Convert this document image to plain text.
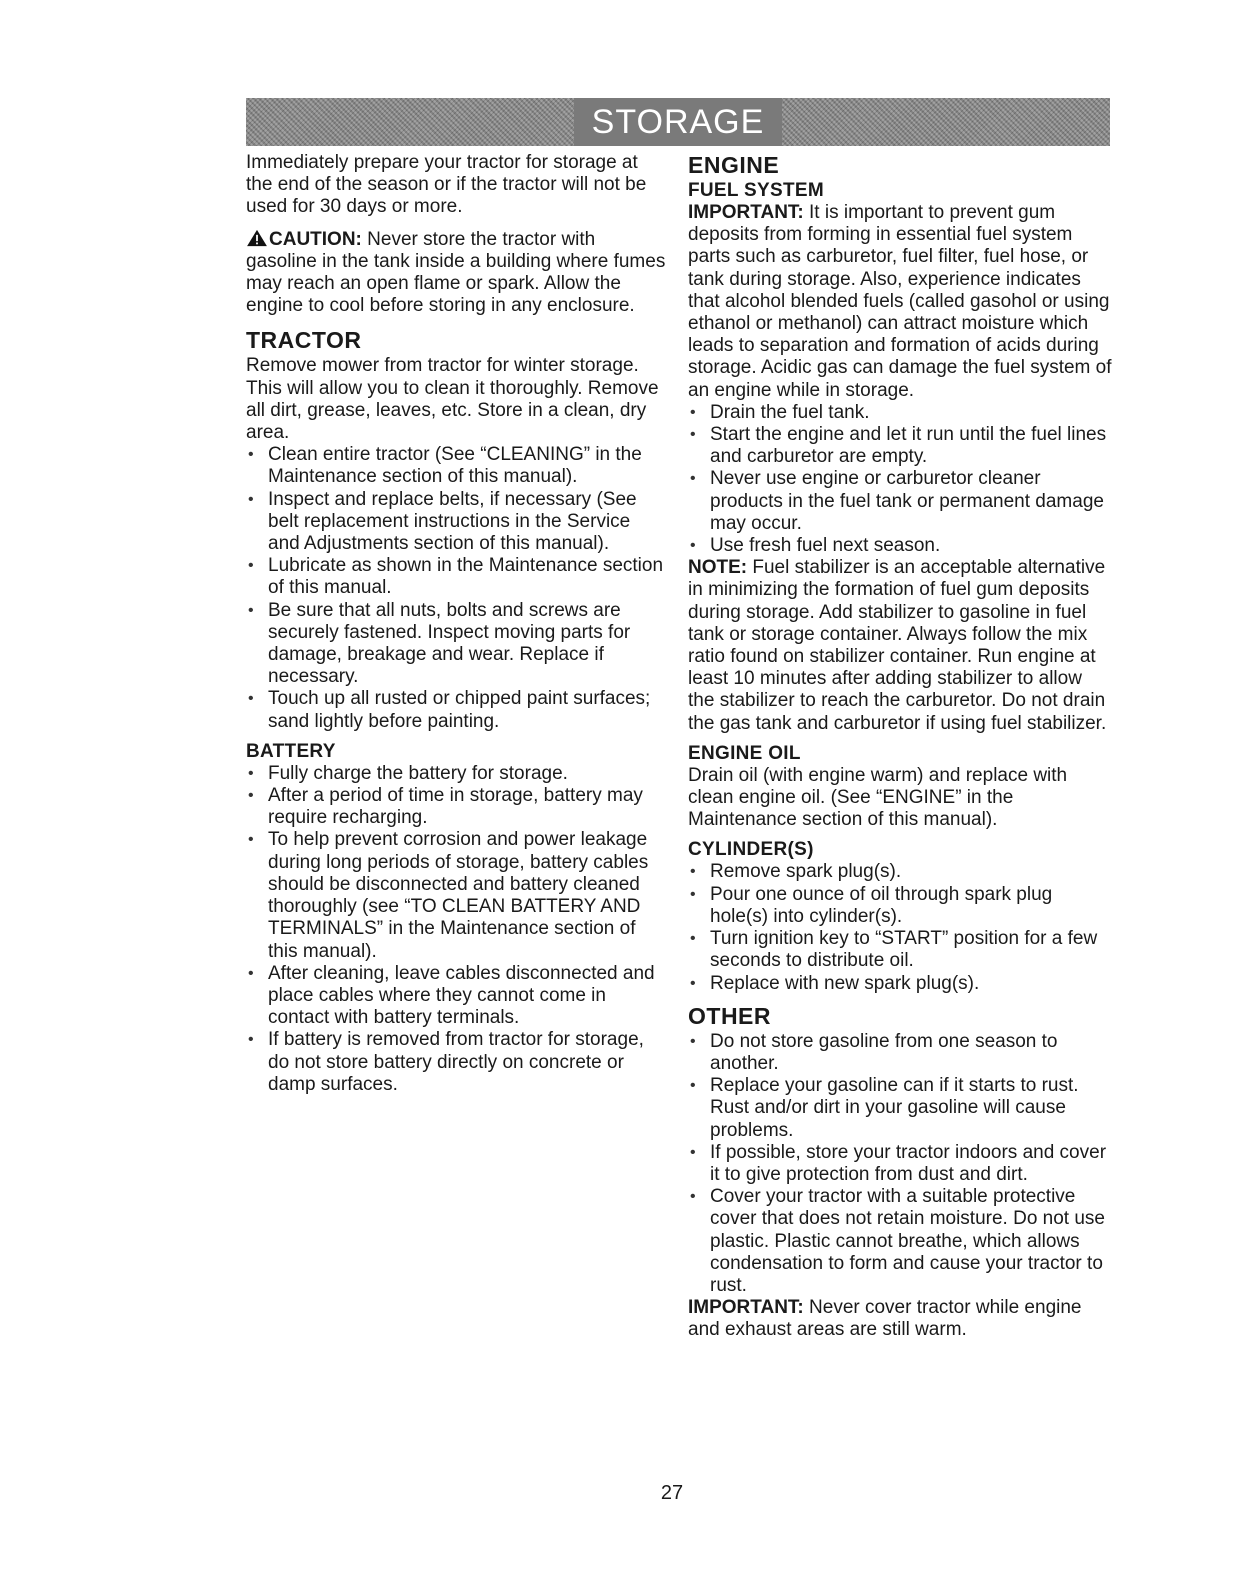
STORAGE

Immediately prepare your tractor for storage at the end of the season or if the tractor will not be used for 30 days or more.

CAUTION: Never store the tractor with gasoline in the tank inside a building where fumes may reach an open flame or spark. Allow the engine to cool before storing in any enclosure.

TRACTOR

Remove mower from tractor for winter storage. This will allow you to clean it thoroughly. Remove all dirt, grease, leaves, etc. Store in a clean, dry area.

• Clean entire tractor (See “CLEANING” in the Maintenance section of this manual).
• Inspect and replace belts, if necessary (See belt replacement instructions in the Service and Adjustments section of this manual).
• Lubricate as shown in the Maintenance section of this manual.
• Be sure that all nuts, bolts and screws are securely fastened. Inspect moving parts for damage, breakage and wear. Replace if necessary.
• Touch up all rusted or chipped paint surfaces; sand lightly before painting.
BATTERY
• Fully charge the battery for storage.
• After a period of time in storage, battery may require recharging.
• To help prevent corrosion and power leakage during long periods of storage, battery cables should be disconnected and battery cleaned thoroughly (see “TO CLEAN BATTERY AND TERMINALS” in the Maintenance section of this manual).
• After cleaning, leave cables disconnected and place cables where they cannot come in contact with battery terminals.
• If battery is removed from tractor for storage, do not store battery directly on concrete or damp surfaces.
ENGINE
FUEL SYSTEM

IMPORTANT: It is important to prevent gum deposits from forming in essential fuel system parts such as carburetor, fuel filter, fuel hose, or tank during storage. Also, experience indicates that alcohol blended fuels (called gasohol or using ethanol or methanol) can attract moisture which leads to separation and formation of acids during storage. Acidic gas can damage the fuel system of an engine while in storage.

• Drain the fuel tank.
• Start the engine and let it run until the fuel lines and carburetor are empty.
• Never use engine or carburetor cleaner products in the fuel tank or permanent damage may occur.
• Use fresh fuel next season.

NOTE: Fuel stabilizer is an acceptable alternative in minimizing the formation of fuel gum deposits during storage. Add stabilizer to gasoline in fuel tank or storage container. Always follow the mix ratio found on stabilizer container. Run engine at least 10 minutes after adding stabilizer to allow the stabilizer to reach the carburetor. Do not drain the gas tank and carburetor if using fuel stabilizer.

ENGINE OIL

Drain oil (with engine warm) and replace with clean engine oil. (See “ENGINE” in the Maintenance section of this manual).

CYLINDER(S)
• Remove spark plug(s).
• Pour one ounce of oil through spark plug hole(s) into cylinder(s).
• Turn ignition key to “START” position for a few seconds to distribute oil.
• Replace with new spark plug(s).
OTHER
• Do not store gasoline from one season to another.
• Replace your gasoline can if it starts to rust. Rust and/or dirt in your gasoline will cause problems.
• If possible, store your tractor indoors and cover it to give protection from dust and dirt.
• Cover your tractor with a suitable protective cover that does not retain moisture. Do not use plastic. Plastic cannot breathe, which allows condensation to form and cause your tractor to rust.

IMPORTANT: Never cover tractor while engine and exhaust areas are still warm.

27
